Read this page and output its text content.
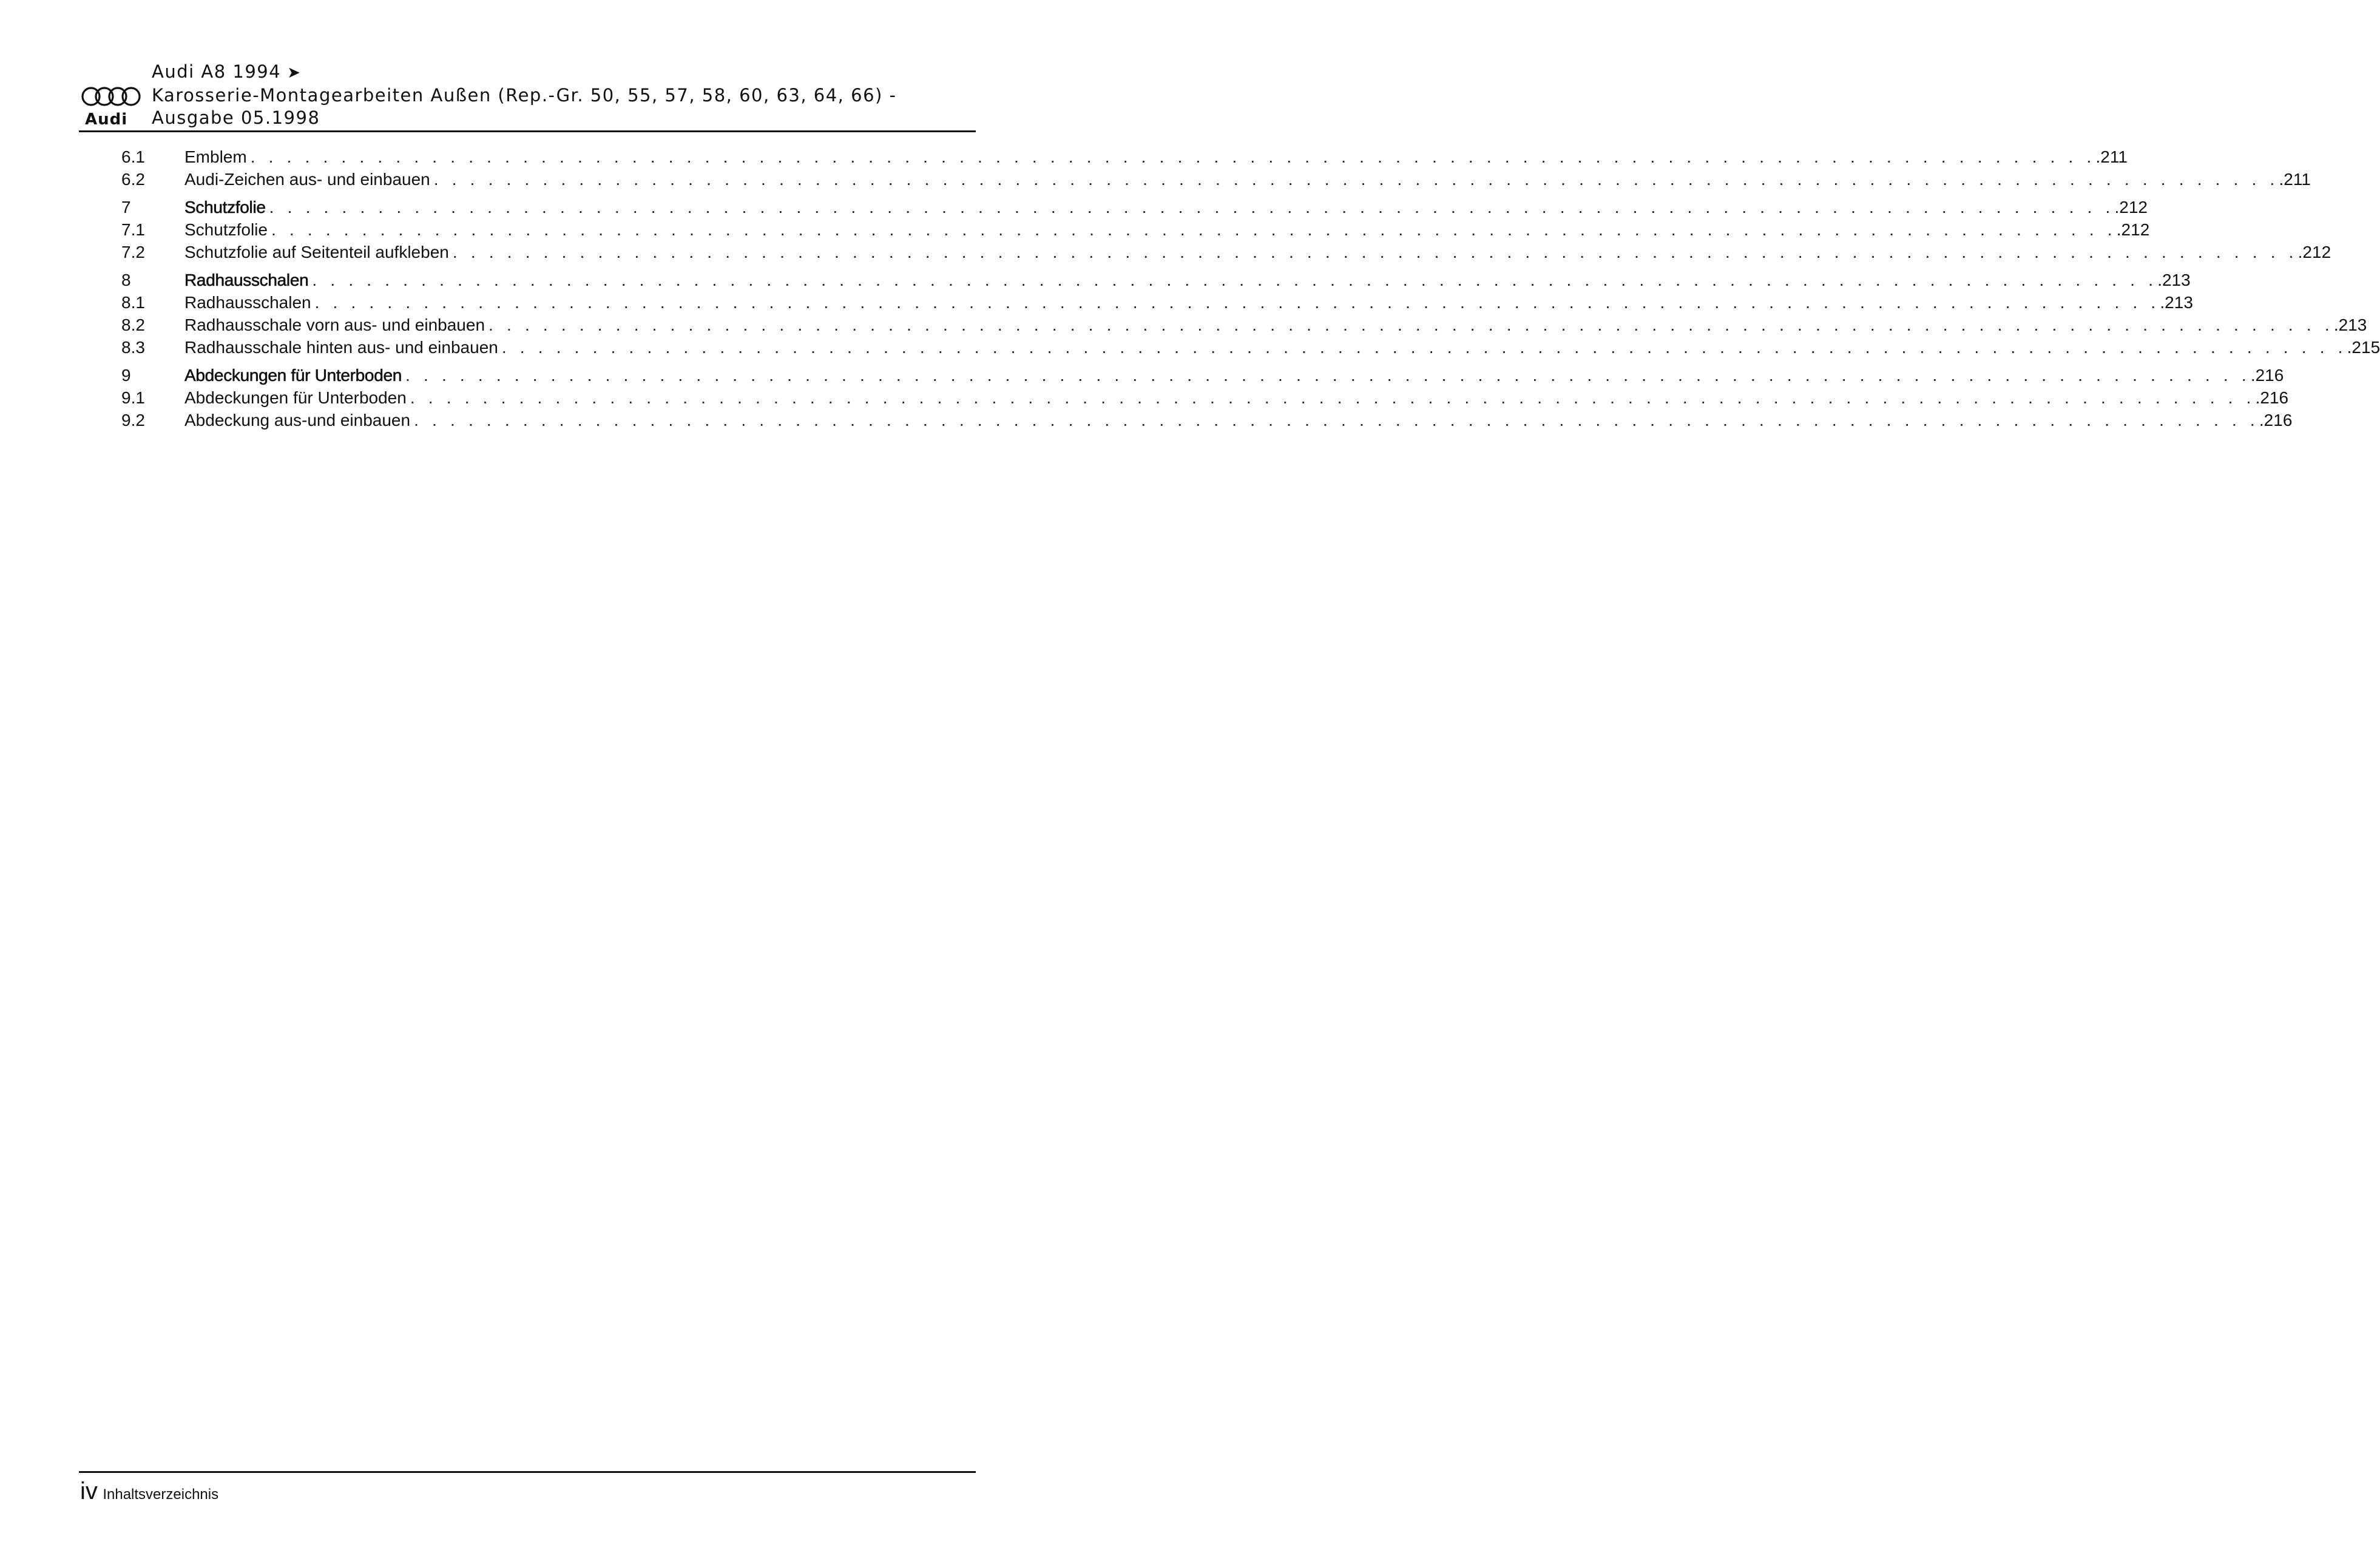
Audi
Audi A8 1994 ➤
Karosserie-Montagearbeiten Außen (Rep.-Gr. 50, 55, 57, 58, 60, 63, 64, 66) -
Ausgabe 05.1998
6.1	Emblem . . . . . . . . . . . . . . . . . . . . . . . . . . . . . . . . . . . . . . . . . . . . . . . . . . . . . . . . . . . . . . . . . . . . . . . . . . . . . . . . . . . . . . . . . . . . . . . . . . . . . . .211
6.2	Audi-Zeichen aus- und einbauen . . . . . . . . . . . . . . . . . . . . . . . . . . . . . . . . . . . . . . . . . . . . . . . . . . . . . . . . . . . . . . . . . . . . . . . . . . . . . . . . . . . . . . . . . . . . . . . . . . . . . . .211
7	Schutzfolie . . . . . . . . . . . . . . . . . . . . . . . . . . . . . . . . . . . . . . . . . . . . . . . . . . . . . . . . . . . . . . . . . . . . . . . . . . . . . . . . . . . . . . . . . . . . . . . . . . . . . . .212
7.1	Schutzfolie . . . . . . . . . . . . . . . . . . . . . . . . . . . . . . . . . . . . . . . . . . . . . . . . . . . . . . . . . . . . . . . . . . . . . . . . . . . . . . . . . . . . . . . . . . . . . . . . . . . . . . .212
7.2	Schutzfolie auf Seitenteil aufkleben . . . . . . . . . . . . . . . . . . . . . . . . . . . . . . . . . . . . . . . . . . . . . . . . . . . . . . . . . . . . . . . . . . . . . . . . . . . . . . . . . . . . . . . . . . . . . . . . . . . . . . .212
8	Radhausschalen . . . . . . . . . . . . . . . . . . . . . . . . . . . . . . . . . . . . . . . . . . . . . . . . . . . . . . . . . . . . . . . . . . . . . . . . . . . . . . . . . . . . . . . . . . . . . . . . . . . . . . .213
8.1	Radhausschalen . . . . . . . . . . . . . . . . . . . . . . . . . . . . . . . . . . . . . . . . . . . . . . . . . . . . . . . . . . . . . . . . . . . . . . . . . . . . . . . . . . . . . . . . . . . . . . . . . . . . . . .213
8.2	Radhausschale vorn aus- und einbauen . . . . . . . . . . . . . . . . . . . . . . . . . . . . . . . . . . . . . . . . . . . . . . . . . . . . . . . . . . . . . . . . . . . . . . . . . . . . . . . . . . . . . . . . . . . . . . . . . . . . . . .213
8.3	Radhausschale hinten aus- und einbauen . . . . . . . . . . . . . . . . . . . . . . . . . . . . . . . . . . . . . . . . . . . . . . . . . . . . . . . . . . . . . . . . . . . . . . . . . . . . . . . . . . . . . . . . . . . . . . . . . . . . . . .215
9	Abdeckungen für Unterboden . . . . . . . . . . . . . . . . . . . . . . . . . . . . . . . . . . . . . . . . . . . . . . . . . . . . . . . . . . . . . . . . . . . . . . . . . . . . . . . . . . . . . . . . . . . . . . . . . . . . . . .216
9.1	Abdeckungen für Unterboden . . . . . . . . . . . . . . . . . . . . . . . . . . . . . . . . . . . . . . . . . . . . . . . . . . . . . . . . . . . . . . . . . . . . . . . . . . . . . . . . . . . . . . . . . . . . . . . . . . . . . . .216
9.2	Abdeckung aus-und einbauen . . . . . . . . . . . . . . . . . . . . . . . . . . . . . . . . . . . . . . . . . . . . . . . . . . . . . . . . . . . . . . . . . . . . . . . . . . . . . . . . . . . . . . . . . . . . . . . . . . . . . . .216
iv Inhaltsverzeichnis
